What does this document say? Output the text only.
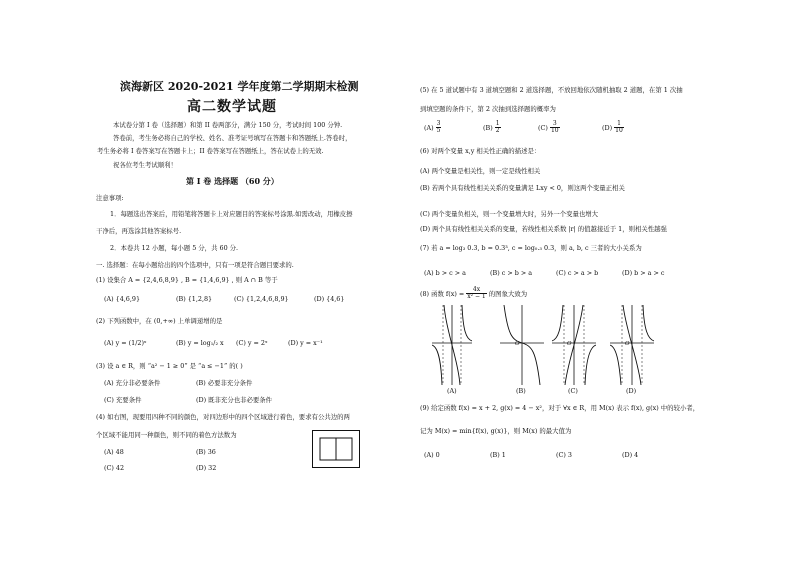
滨海新区 2020-2021 学年度第二学期期末检测
高二数学试题
本试卷分第 I 卷（选择题）和第 II 卷两部分，满分 150 分，考试时间 100 分钟.
答卷前，考生务必将自己的学校、姓名、准考证号填写在答题卡和答题纸上.答卷时，
考生务必将 I 卷答案写在答题卡上；II 卷答案写在答题纸上，答在试卷上的无效.
祝各位考生考试顺利！
第 I 卷 选择题 （60 分）
注意事项:
1．每题选出答案后，用铅笔将答题卡上对应题目的答案标号涂黑.如需改动，用橡皮擦
干净后，再选涂其他答案标号.
2．本卷共 12 小题，每小题 5 分，共 60 分.
一. 选择题：在每小题给出的四个选项中，只有一项是符合题目要求的.
(1) 设集合 A = {2,4,6,8,9} , B = {1,4,6,9} , 则 A ∩ B 等于
(A) {4,6,9}	(B) {1,2,8}	(C) {1,2,4,6,8,9}	(D) {4,6}
(2) 下列函数中，在 (0,+∞) 上单调递增的是
(A) y = (1/2)ˣ	(B) y = log₁/₂ x (C) y = 2ˣ	(D) y = x⁻¹
(3) 设 a ∈ R，则 “a² − 1 ≥ 0” 是 “a ≤ −1” 的( )
(A) 充分非必要条件	(B) 必要非充分条件
(C) 充要条件	(D) 既非充分也非必要条件
(4) 如右图，现要用四种不同的颜色，对四边形中的四个区域进行着色，要求有公共边的两
个区域不能用同一种颜色，则不同的着色方法数为
(A) 48	(B) 36
(C) 42	(D) 32
(5) 在 5 道试题中有 3 道填空题和 2 道选择题，不放回地依次随机抽取 2 道题，在第 1 次抽
到填空题的条件下，第 2 次抽到选择题的概率为
$(A) \frac{3}{5}$	$(B) \frac{1}{2}$	$(C) \frac{3}{10}$	$(D) \frac{1}{10}$
(6) 对两个变量 x,y 相关性正确的描述是：
(A) 两个变量是相关性，则一定是线性相关
(B) 若两个具有线性相关关系的变量满足 Lxy < 0，则这两个变量正相关
(C) 两个变量负相关，则一个变量增大时，另外一个变量也增大
(D) 两个具有线性相关关系的变量，若线性相关系数 |r| 的值越接近于 1，则相关性越强
(7) 若 a = log₃ 0.3, b = 0.3³, c = log₀.₃ 0.3，则 a, b, c 三者的大小关系为
(A) b > c > a	(B) c > b > a	(C) c > a > b	(D) b > a > c
(8) 函数 $f(x) = \frac{4x}{\text{x² − 1}}$ 的图象大致为
(A)	(B)	(C)	(D)
O	O	O
(9) 给定函数 f(x) = x + 2, g(x) = 4 − x²，对于 ∀x ∈ R，用 M(x) 表示 f(x), g(x) 中的较小者，
记为 M(x) = min{f(x), g(x)}，则 M(x) 的最大值为
(A) 0	(B) 1	(C) 3	(D) 4
